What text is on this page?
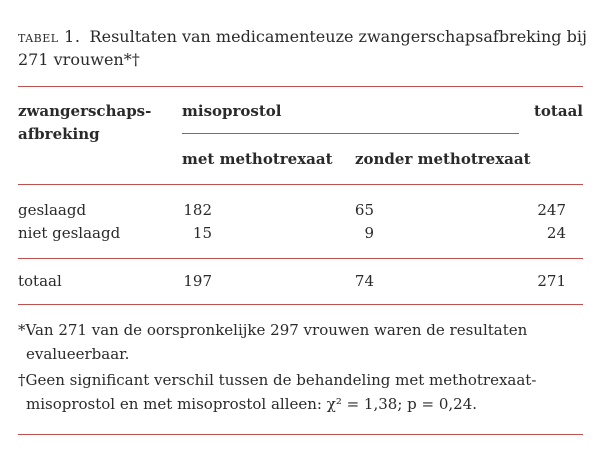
tabel 1. Resultaten van medicamenteuze zwangerschapsafbreking bij 271 vrouwen*†

zwangerschaps-
afbreking
misoprostol	totaal
met methotrexaat zonder methotrexaat
geslaagd	182	65	247
niet geslaagd	15	9	24
totaal	197	74	271
*Van 271 van de oorspronkelijke 297 vrouwen waren de resultaten
evalueerbaar.
†Geen significant verschil tussen de behandeling met methotrexaat-
misoprostol en met misoprostol alleen: χ² = 1,38; p = 0,24.
